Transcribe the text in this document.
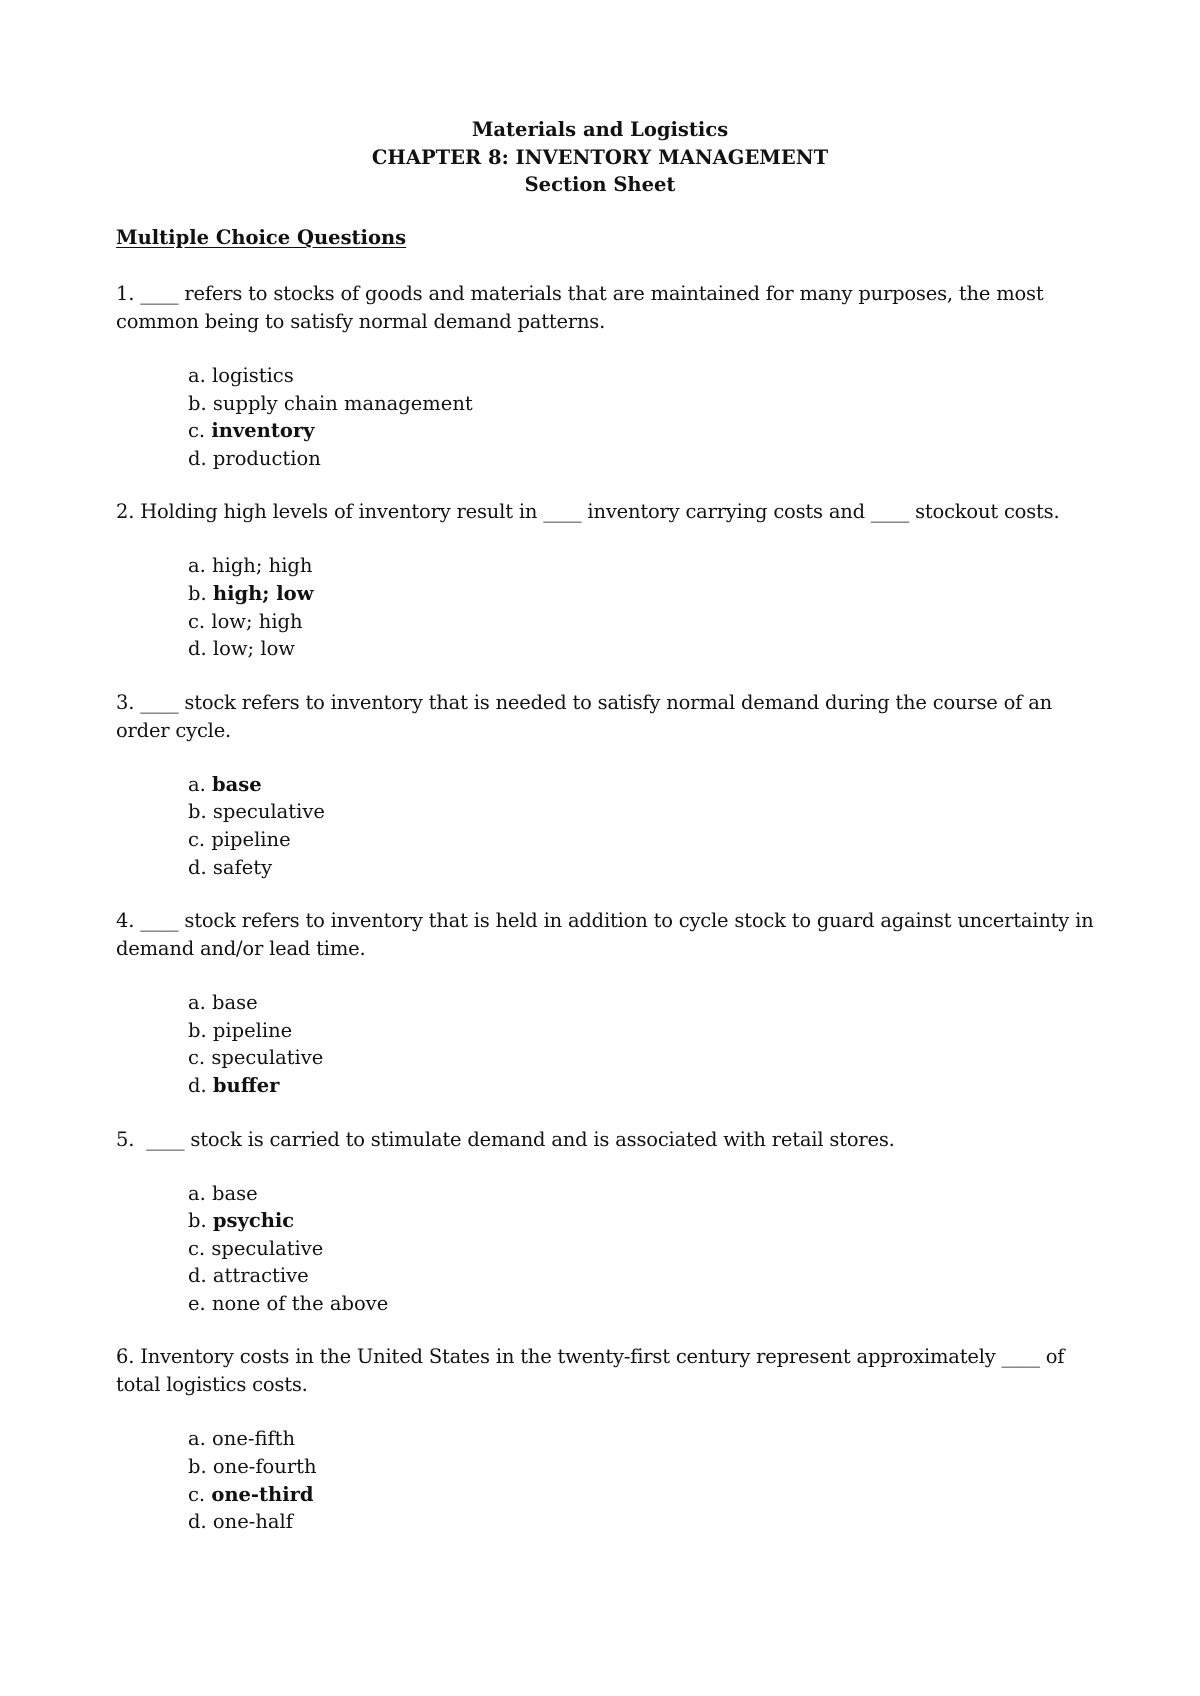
Materials and Logistics
CHAPTER 8: INVENTORY MANAGEMENT
Section Sheet
Multiple Choice Questions
1. ____ refers to stocks of goods and materials that are maintained for many purposes, the most common being to satisfy normal demand patterns.
a. logistics
b. supply chain management
c. inventory
d. production
2. Holding high levels of inventory result in ____ inventory carrying costs and ____ stockout costs.
a. high; high
b. high; low
c. low; high
d. low; low
3. ____ stock refers to inventory that is needed to satisfy normal demand during the course of an order cycle.
a. base
b. speculative
c. pipeline
d. safety
4. ____ stock refers to inventory that is held in addition to cycle stock to guard against uncertainty in demand and/or lead time.
a. base
b. pipeline
c. speculative
d. buffer
5.  ____ stock is carried to stimulate demand and is associated with retail stores.
a. base
b. psychic
c. speculative
d. attractive
e. none of the above
6. Inventory costs in the United States in the twenty-first century represent approximately ____ of total logistics costs.
a. one-fifth
b. one-fourth
c. one-third
d. one-half
